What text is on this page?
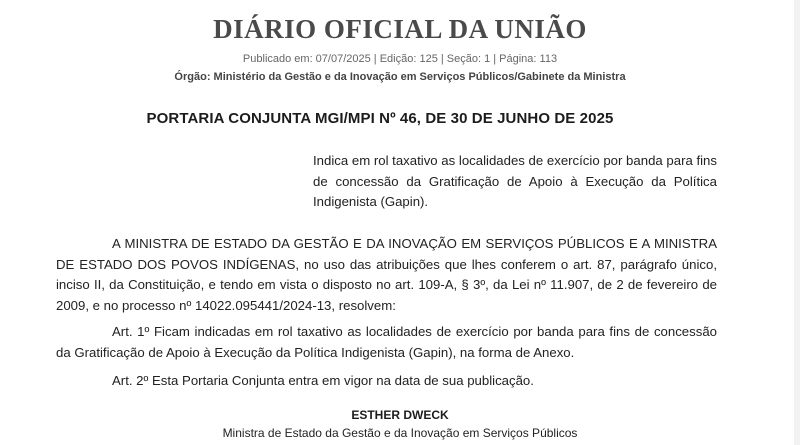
DIÁRIO OFICIAL DA UNIÃO
Publicado em: 07/07/2025 | Edição: 125 | Seção: 1 | Página: 113
Órgão: Ministério da Gestão e da Inovação em Serviços Públicos/Gabinete da Ministra
PORTARIA CONJUNTA MGI/MPI Nº 46, DE 30 DE JUNHO DE 2025
Indica em rol taxativo as localidades de exercício por banda para fins de concessão da Gratificação de Apoio à Execução da Política Indigenista (Gapin).
A MINISTRA DE ESTADO DA GESTÃO E DA INOVAÇÃO EM SERVIÇOS PÚBLICOS E A MINISTRA DE ESTADO DOS POVOS INDÍGENAS, no uso das atribuições que lhes conferem o art. 87, parágrafo único, inciso II, da Constituição, e tendo em vista o disposto no art. 109-A, § 3º, da Lei nº 11.907, de 2 de fevereiro de 2009, e no processo nº 14022.095441/2024-13, resolvem:
Art. 1º Ficam indicadas em rol taxativo as localidades de exercício por banda para fins de concessão da Gratificação de Apoio à Execução da Política Indigenista (Gapin), na forma de Anexo.
Art. 2º Esta Portaria Conjunta entra em vigor na data de sua publicação.
ESTHER DWECK
Ministra de Estado da Gestão e da Inovação em Serviços Públicos
